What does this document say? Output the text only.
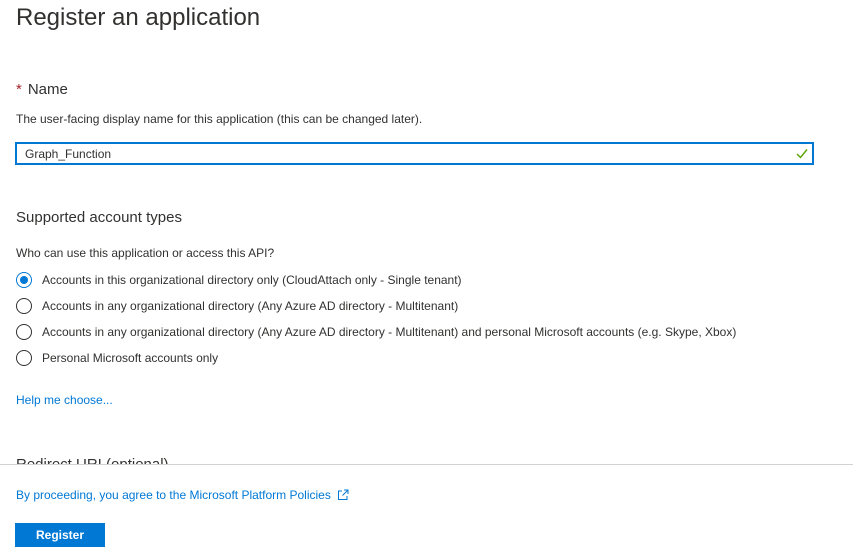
Register an application
* Name
The user-facing display name for this application (this can be changed later).
Graph_Function
Supported account types
Who can use this application or access this API?
Accounts in this organizational directory only (CloudAttach only - Single tenant)
Accounts in any organizational directory (Any Azure AD directory - Multitenant)
Accounts in any organizational directory (Any Azure AD directory - Multitenant) and personal Microsoft accounts (e.g. Skype, Xbox)
Personal Microsoft accounts only
Help me choose...
By proceeding, you agree to the Microsoft Platform Policies
Register
